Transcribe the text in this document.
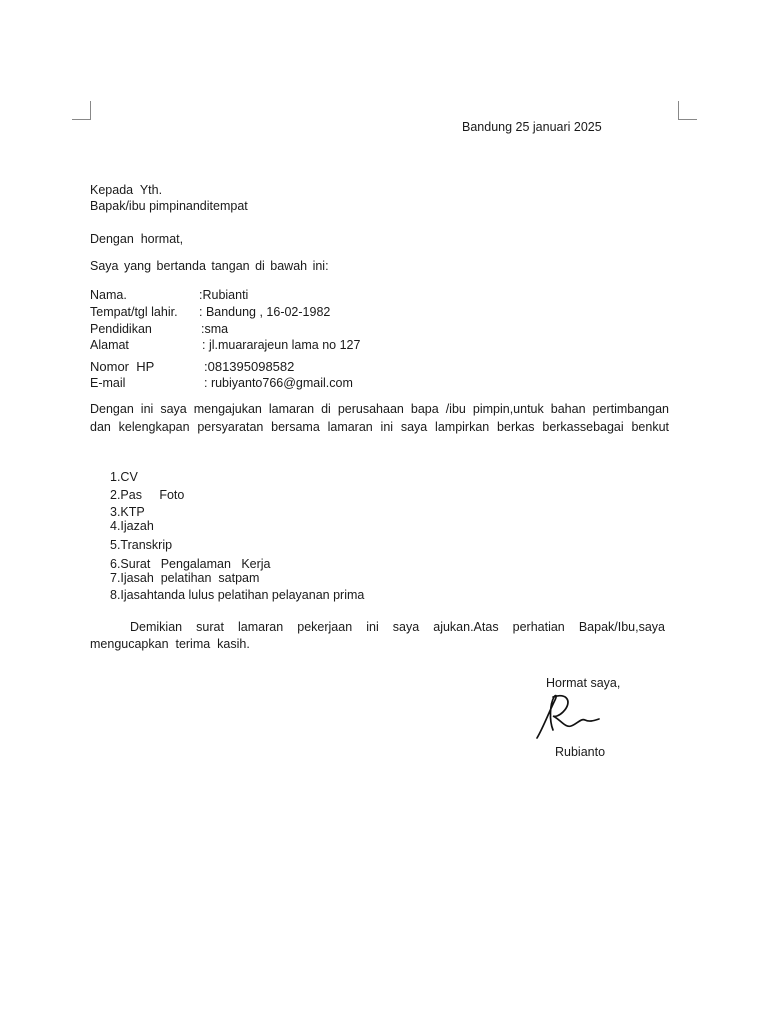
Bandung 25 januari 2025
Kepada  Yth.
Bapak/ibu pimpinanditempat
Dengan  hormat,
Saya yang bertanda tangan di bawah ini:
Nama.	:Rubianti
Tempat/tgl lahir. : Bandung , 16-02-1982
Pendidikan	:sma
Alamat	: jl.muararajeun lama no 127
Nomor  HP	:081395098582
E-mail	: rubiyanto766@gmail.com
Dengan ini saya mengajukan lamaran di perusahaan bapa /ibu pimpin,untuk bahan pertimbangan
dan kelengkapan persyaratan bersama lamaran ini saya lampirkan berkas berkassebagai benkut
1.CV
2.Pas     Foto
3.KTP
4.Ijazah
5.Transkrip
6.Surat   Pengalaman   Kerja
7.Ijasah  pelatihan  satpam
8.Ijasahtanda lulus pelatihan pelayanan prima
Demikian surat lamaran pekerjaan ini saya ajukan.Atas perhatian Bapak/Ibu,saya
mengucapkan  terima  kasih.
Hormat saya,
Rubianto
